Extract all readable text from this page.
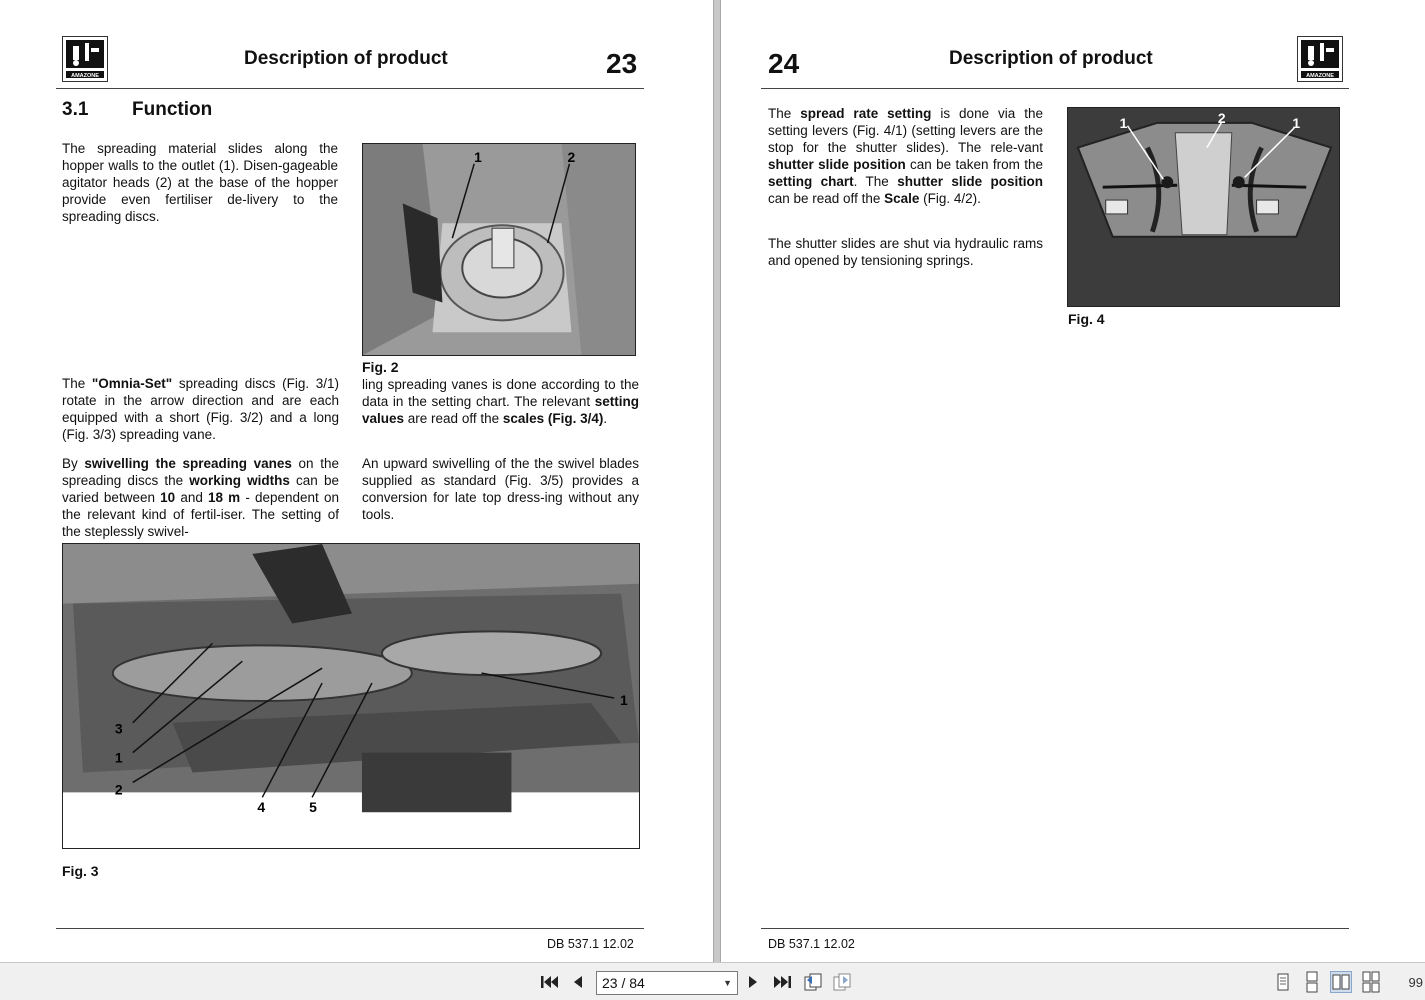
AMAZONE
Description of product	23
3.1 Function
The spreading material slides along the hopper walls to the outlet (1). Disen-gageable agitator heads (2) at the base of the hopper provide even fertiliser de-livery to the spreading discs.
1	2
Fig. 2
The "Omnia-Set" spreading discs (Fig. 3/1) rotate in the arrow direction and are each equipped with a short (Fig. 3/2) and a long (Fig. 3/3) spreading vane.
By swivelling the spreading vanes on the spreading discs the working widths can be varied between 10 and 18 m - dependent on the relevant kind of fertil-iser. The setting of the steplessly swivel-
ling spreading vanes is done according to the data in the setting chart. The relevant setting values are read off the scales (Fig. 3/4).
An upward swivelling of the the swivel blades supplied as standard (Fig. 3/5) provides a conversion for late top dress-ing without any tools.
1
3
1
2
4	5
Fig. 3
DB 537.1 12.02
24	Description of product
AMAZONE
The spread rate setting is done via the setting levers (Fig. 4/1) (setting levers are the stop for the shutter slides). The rele-vant shutter slide position can be taken from the setting chart. The shutter slide position can be read off the Scale (Fig. 4/2).
The shutter slides are shut via hydraulic rams and opened by tensioning springs.
1	2	1
Fig. 4
DB 537.1 12.02
23 / 84	▼	99
